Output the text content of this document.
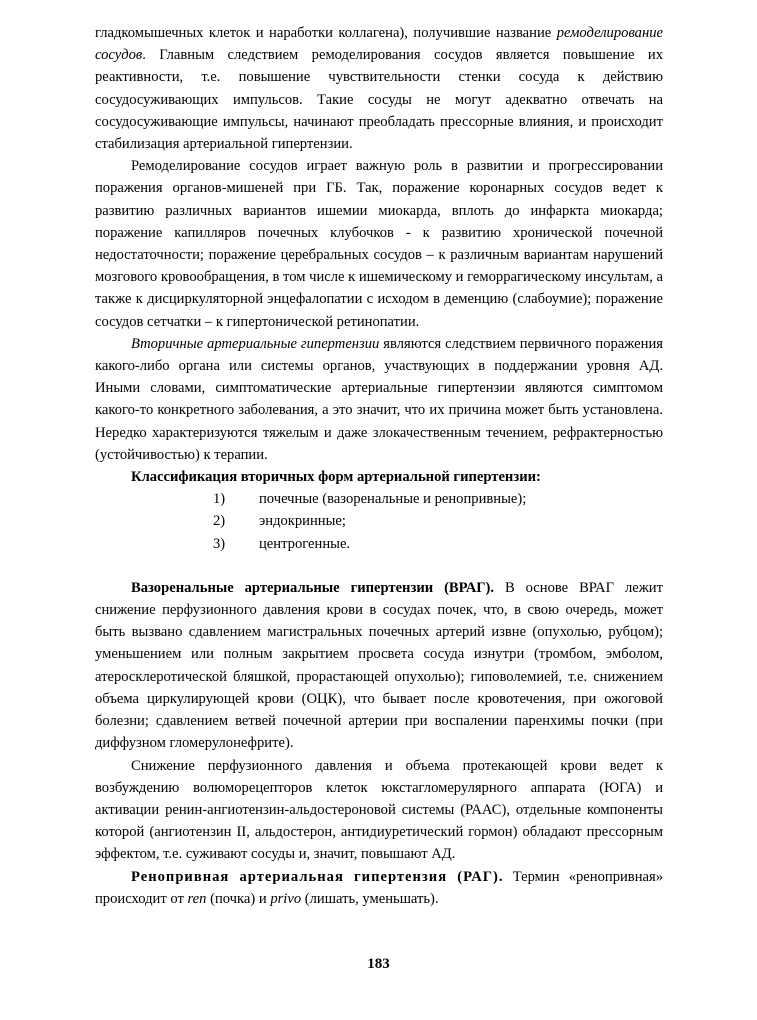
гладкомышечных клеток и наработки коллагена), получившие название ремоделирование сосудов. Главным следствием ремоделирования сосудов является повышение их реактивности, т.е. повышение чувствительности стенки сосуда к действию сосудосуживающих импульсов. Такие сосуды не могут адекватно отвечать на сосудосуживающие импульсы, начинают преобладать прессорные влияния, и происходит стабилизация артериальной гипертензии.

Ремоделирование сосудов играет важную роль в развитии и прогрессировании поражения органов-мишеней при ГБ. Так, поражение коронарных сосудов ведет к развитию различных вариантов ишемии миокарда, вплоть до инфаркта миокарда; поражение капилляров почечных клубочков - к развитию хронической почечной недостаточности; поражение церебральных сосудов – к различным вариантам нарушений мозгового кровообращения, в том числе к ишемическому и геморрагическому инсультам, а также к дисциркуляторной энцефалопатии с исходом в деменцию (слабоумие); поражение сосудов сетчатки – к гипертонической ретинопатии.

Вторичные артериальные гипертензии являются следствием первичного поражения какого-либо органа или системы органов, участвующих в поддержании уровня АД. Иными словами, симптоматические артериальные гипертензии являются симптомом какого-то конкретного заболевания, а это значит, что их причина может быть установлена. Нередко характеризуются тяжелым и даже злокачественным течением, рефрактерностью (устойчивостью) к терапии.

Классификация вторичных форм артериальной гипертензии:

1)	почечные (вазоренальные и ренопривные);
2)	эндокринные;
3)	центрогенные.

Вазоренальные артериальные гипертензии (ВРАГ). В основе ВРАГ лежит снижение перфузионного давления крови в сосудах почек, что, в свою очередь, может быть вызвано сдавлением магистральных почечных артерий извне (опухолью, рубцом); уменьшением или полным закрытием просвета сосуда изнутри (тромбом, эмболом, атеросклеротической бляшкой, прорастающей опухолью); гиповолемией, т.е. снижением объема циркулирующей крови (ОЦК), что бывает после кровотечения, при ожоговой болезни; сдавлением ветвей почечной артерии при воспалении паренхимы почки (при диффузном гломерулонефрите).

Снижение перфузионного давления и объема протекающей крови ведет к возбуждению волюморецепторов клеток юкстагломерулярного аппарата (ЮГА) и активации ренин-ангиотензин-альдостероновой системы (РААС), отдельные компоненты которой (ангиотензин II, альдостерон, антидиуретический гормон) обладают прессорным эффектом, т.е. суживают сосуды и, значит, повышают АД.

Ренопривная артериальная гипертензия (РАГ). Термин «ренопривная» происходит от ren (почка) и privo (лишать, уменьшать).

183
